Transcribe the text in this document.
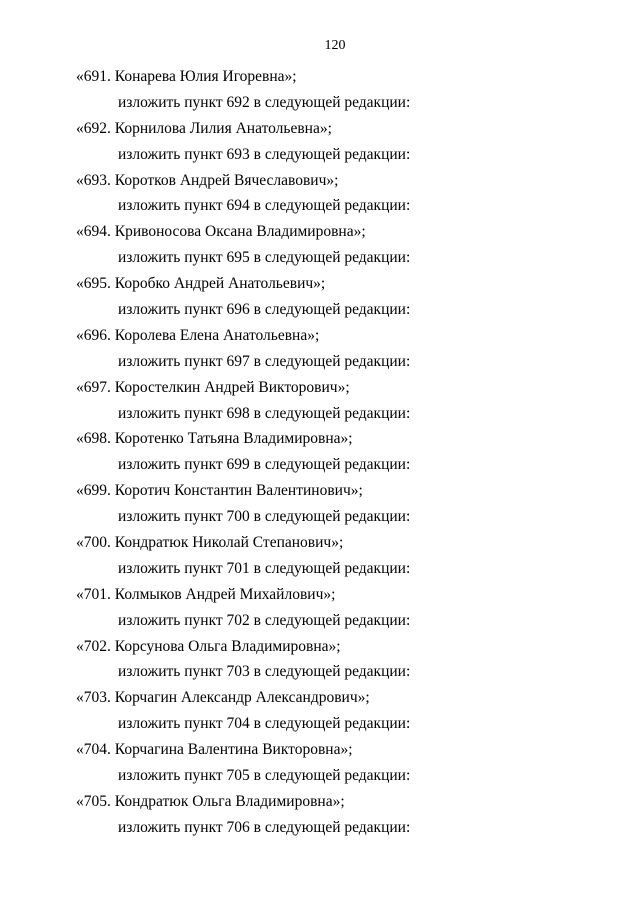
120
«691. Конарева Юлия Игоревна»;
изложить пункт 692 в следующей редакции:
«692. Корнилова Лилия Анатольевна»;
изложить пункт 693 в следующей редакции:
«693. Коротков Андрей Вячеславович»;
изложить пункт 694 в следующей редакции:
«694. Кривоносова Оксана Владимировна»;
изложить пункт 695 в следующей редакции:
«695. Коробко Андрей Анатольевич»;
изложить пункт 696 в следующей редакции:
«696. Королева Елена Анатольевна»;
изложить пункт 697 в следующей редакции:
«697. Коростелкин Андрей Викторович»;
изложить пункт 698 в следующей редакции:
«698. Коротенко Татьяна Владимировна»;
изложить пункт 699 в следующей редакции:
«699. Коротич Константин Валентинович»;
изложить пункт 700 в следующей редакции:
«700. Кондратюк Николай Степанович»;
изложить пункт 701 в следующей редакции:
«701. Колмыков Андрей Михайлович»;
изложить пункт 702 в следующей редакции:
«702. Корсунова Ольга Владимировна»;
изложить пункт 703 в следующей редакции:
«703. Корчагин Александр Александрович»;
изложить пункт 704 в следующей редакции:
«704. Корчагина Валентина Викторовна»;
изложить пункт 705 в следующей редакции:
«705. Кондратюк Ольга Владимировна»;
изложить пункт 706 в следующей редакции:
